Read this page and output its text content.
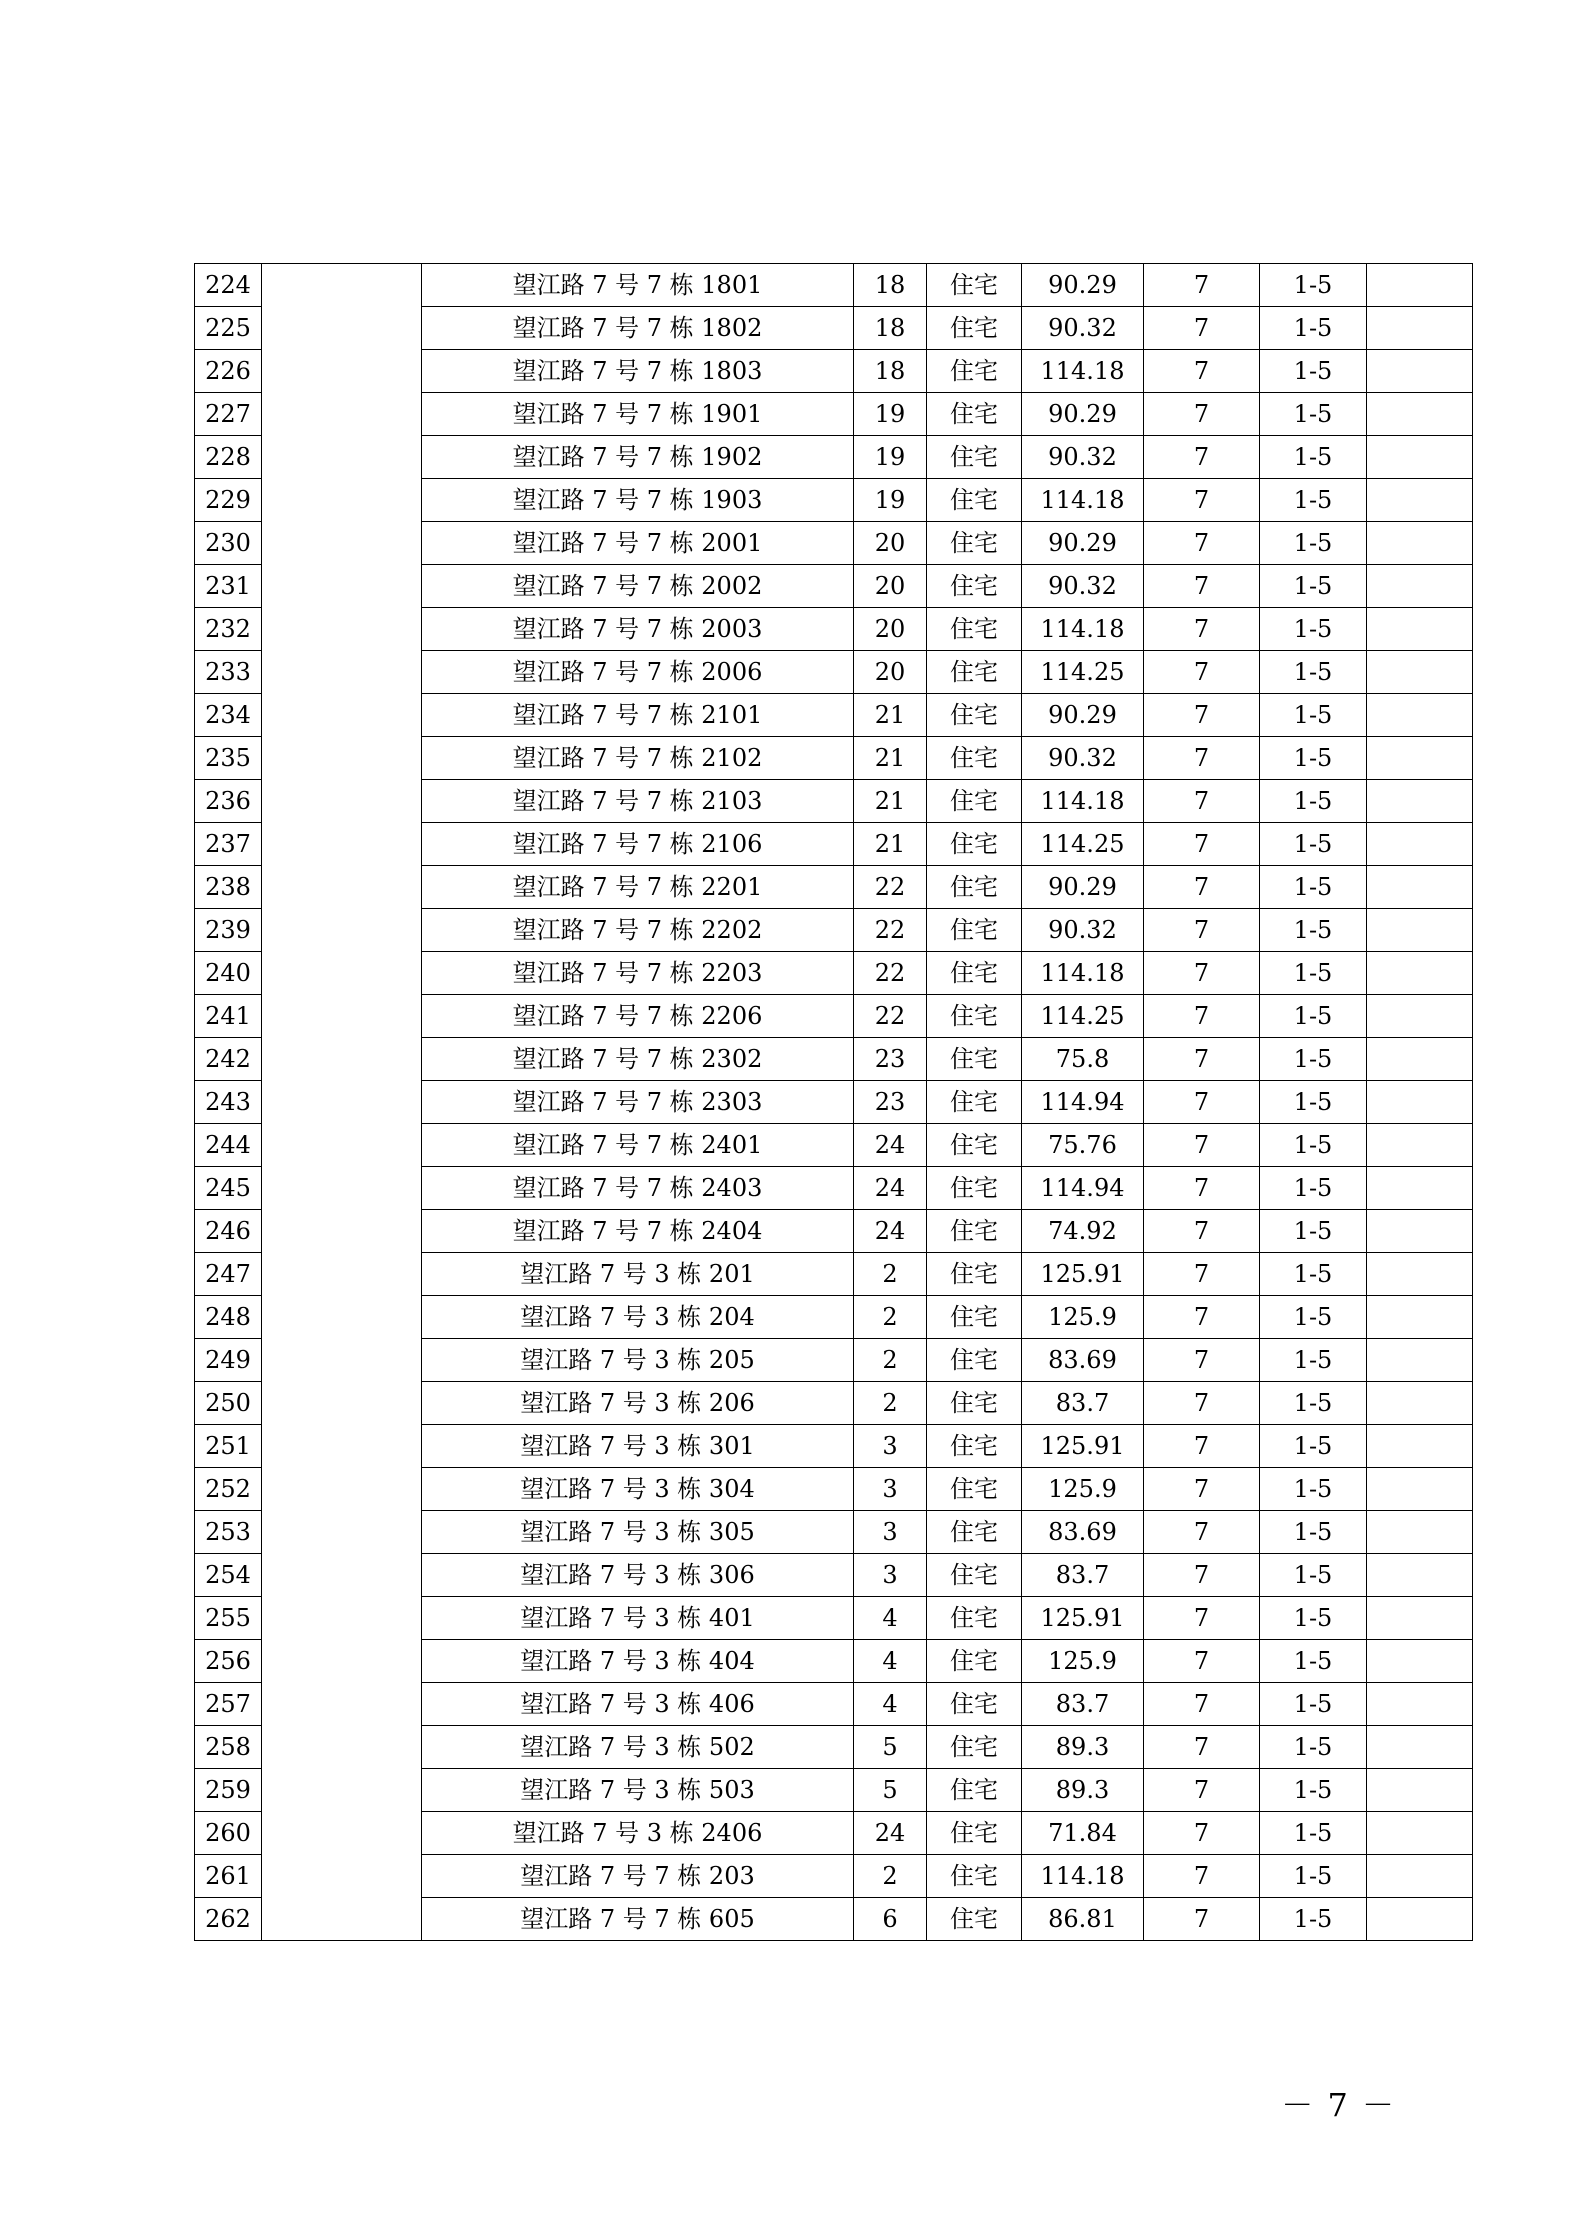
224		望江路 7 号 7 栋 1801	18	住宅	90.29	7	1-5	
225		望江路 7 号 7 栋 1802	18	住宅	90.32	7	1-5	
226		望江路 7 号 7 栋 1803	18	住宅	114.18	7	1-5	
227		望江路 7 号 7 栋 1901	19	住宅	90.29	7	1-5	
228		望江路 7 号 7 栋 1902	19	住宅	90.32	7	1-5	
229		望江路 7 号 7 栋 1903	19	住宅	114.18	7	1-5	
230		望江路 7 号 7 栋 2001	20	住宅	90.29	7	1-5	
231		望江路 7 号 7 栋 2002	20	住宅	90.32	7	1-5	
232		望江路 7 号 7 栋 2003	20	住宅	114.18	7	1-5	
233		望江路 7 号 7 栋 2006	20	住宅	114.25	7	1-5	
234		望江路 7 号 7 栋 2101	21	住宅	90.29	7	1-5	
235		望江路 7 号 7 栋 2102	21	住宅	90.32	7	1-5	
236		望江路 7 号 7 栋 2103	21	住宅	114.18	7	1-5	
237		望江路 7 号 7 栋 2106	21	住宅	114.25	7	1-5	
238		望江路 7 号 7 栋 2201	22	住宅	90.29	7	1-5	
239		望江路 7 号 7 栋 2202	22	住宅	90.32	7	1-5	
240		望江路 7 号 7 栋 2203	22	住宅	114.18	7	1-5	
241		望江路 7 号 7 栋 2206	22	住宅	114.25	7	1-5	
242		望江路 7 号 7 栋 2302	23	住宅	75.8	7	1-5	
243		望江路 7 号 7 栋 2303	23	住宅	114.94	7	1-5	
244		望江路 7 号 7 栋 2401	24	住宅	75.76	7	1-5	
245		望江路 7 号 7 栋 2403	24	住宅	114.94	7	1-5	
246		望江路 7 号 7 栋 2404	24	住宅	74.92	7	1-5	
247		望江路 7 号 3 栋 201	2	住宅	125.91	7	1-5	
248		望江路 7 号 3 栋 204	2	住宅	125.9	7	1-5	
249		望江路 7 号 3 栋 205	2	住宅	83.69	7	1-5	
250		望江路 7 号 3 栋 206	2	住宅	83.7	7	1-5	
251		望江路 7 号 3 栋 301	3	住宅	125.91	7	1-5	
252		望江路 7 号 3 栋 304	3	住宅	125.9	7	1-5	
253		望江路 7 号 3 栋 305	3	住宅	83.69	7	1-5	
254		望江路 7 号 3 栋 306	3	住宅	83.7	7	1-5	
255		望江路 7 号 3 栋 401	4	住宅	125.91	7	1-5	
256		望江路 7 号 3 栋 404	4	住宅	125.9	7	1-5	
257		望江路 7 号 3 栋 406	4	住宅	83.7	7	1-5	
258		望江路 7 号 3 栋 502	5	住宅	89.3	7	1-5	
259		望江路 7 号 3 栋 503	5	住宅	89.3	7	1-5	
260		望江路 7 号 3 栋 2406	24	住宅	71.84	7	1-5	
261		望江路 7 号 7 栋 203	2	住宅	114.18	7	1-5	
262		望江路 7 号 7 栋 605	6	住宅	86.81	7	1-5	
－ 7 －
